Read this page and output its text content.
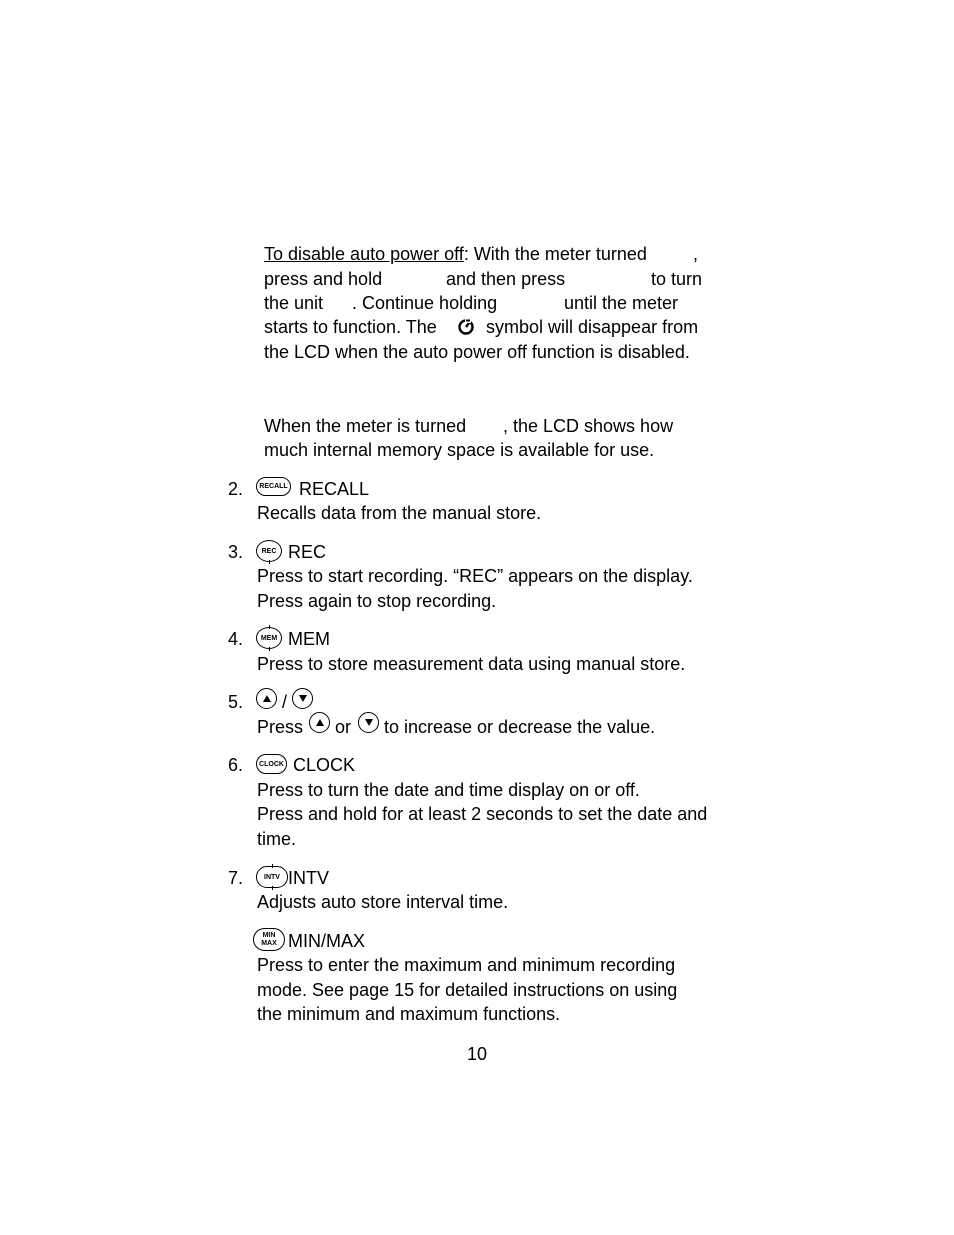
To disable auto power off: With the meter turned	,
press and hold	and then press	to turn
the unit . Continue holding	until the meter
starts to function. The	symbol will disappear from
the LCD when the auto power off function is disabled.
When the meter is turned , the LCD shows how
much internal memory space is available for use.
2. RECALL RECALL
Recalls data from the manual store.
3.	REC REC
Press to start recording. “REC” appears on the display.
Press again to stop recording.
4.	MEM MEM
Press to store measurement data using manual store.
5. /
Press or to increase or decrease the value.
6. CLOCK CLOCK
Press to turn the date and time display on or off.
Press and hold for at least 2 seconds to set the date and
time.
7.	INTV INTV
Adjusts auto store interval time.
MIN
MAX MIN/MAX
Press to enter the maximum and minimum recording
mode. See page 15 for detailed instructions on using
the minimum and maximum functions.
10
